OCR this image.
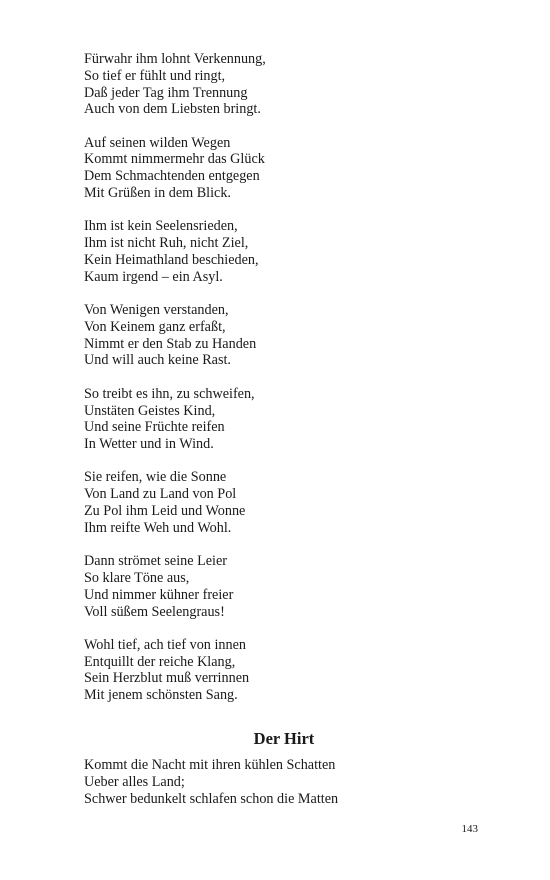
Fürwahr ihm lohnt Verkennung,
So tief er fühlt und ringt,
Daß jeder Tag ihm Trennung
Auch von dem Liebsten bringt.
Auf seinen wilden Wegen
Kommt nimmermehr das Glück
Dem Schmachtenden entgegen
Mit Grüßen in dem Blick.
Ihm ist kein Seelensrieden,
Ihm ist nicht Ruh, nicht Ziel,
Kein Heimathland beschieden,
Kaum irgend – ein Asyl.
Von Wenigen verstanden,
Von Keinem ganz erfaßt,
Nimmt er den Stab zu Handen
Und will auch keine Rast.
So treibt es ihn, zu schweifen,
Unstäten Geistes Kind,
Und seine Früchte reifen
In Wetter und in Wind.
Sie reifen, wie die Sonne
Von Land zu Land von Pol
Zu Pol ihm Leid und Wonne
Ihm reifte Weh und Wohl.
Dann strömet seine Leier
So klare Töne aus,
Und nimmer kühner freier
Voll süßem Seelengraus!
Wohl tief, ach tief von innen
Entquillt der reiche Klang,
Sein Herzblut muß verrinnen
Mit jenem schönsten Sang.
Der Hirt
Kommt die Nacht mit ihren kühlen Schatten
Ueber alles Land;
Schwer bedunkelt schlafen schon die Matten
143
